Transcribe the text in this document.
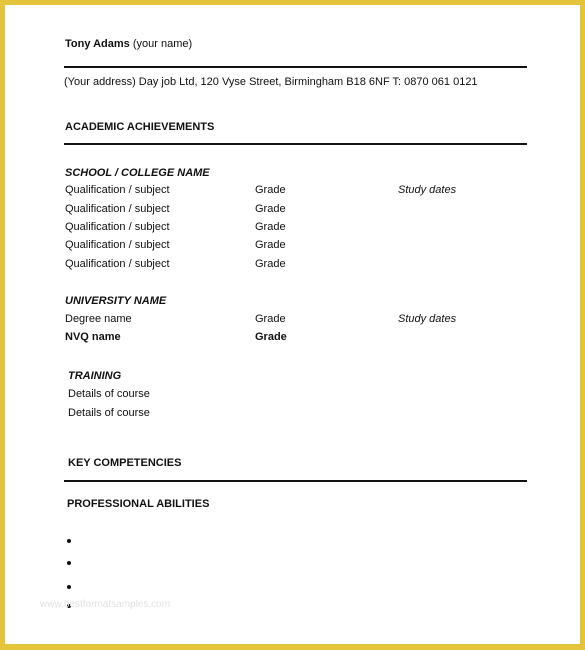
Tony Adams (your name)
(Your address) Day job Ltd, 120 Vyse Street, Birmingham B18 6NF T: 0870 061 0121
ACADEMIC ACHIEVEMENTS
SCHOOL / COLLEGE NAME
Qualification / subject	Grade	Study dates
Qualification / subject	Grade
Qualification / subject	Grade
Qualification / subject	Grade
Qualification / subject	Grade
UNIVERSITY NAME
Degree name	Grade	Study dates
NVQ name	Grade
TRAINING
Details of course
Details of course
KEY COMPETENCIES
PROFESSIONAL ABILITIES
www.bestformatsamples.com
